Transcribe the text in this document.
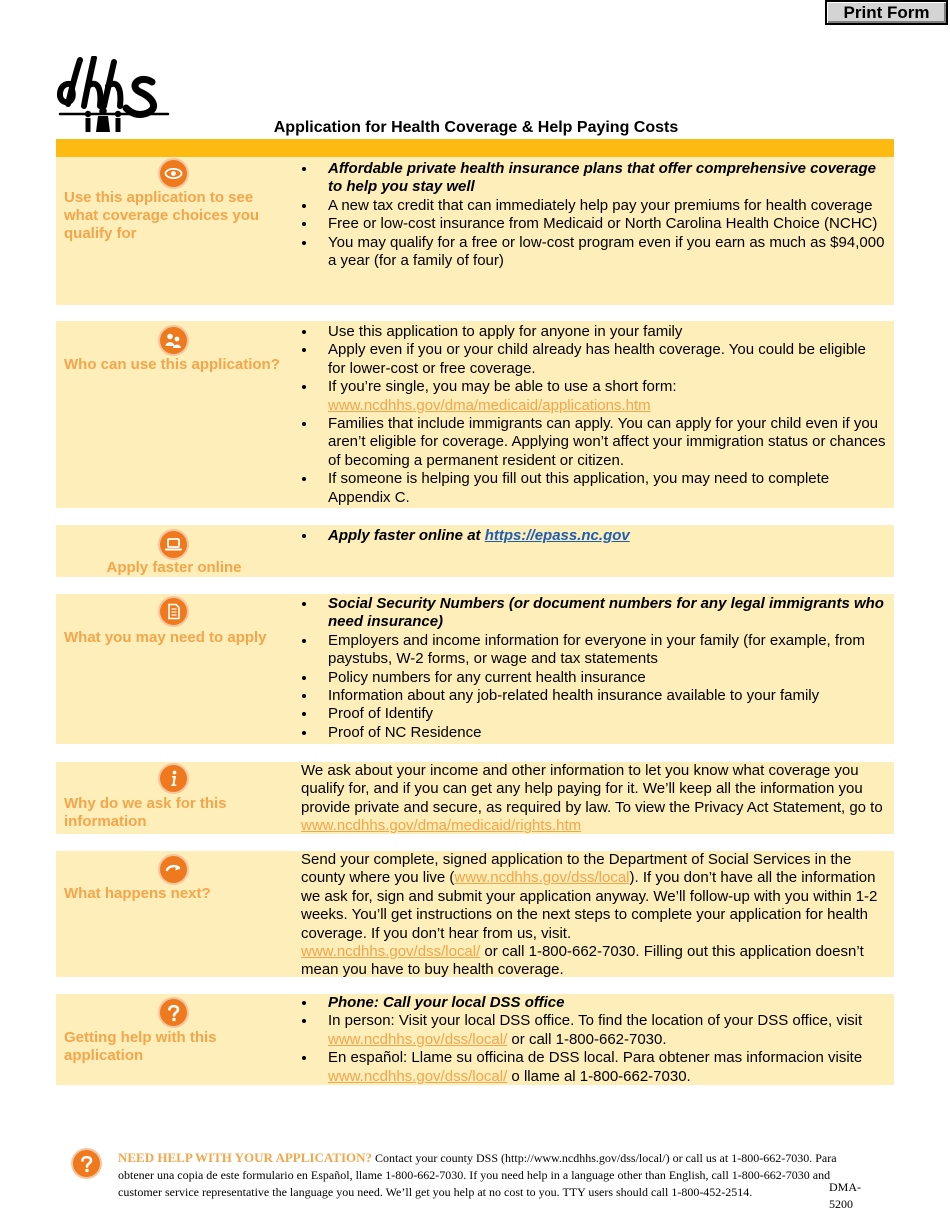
Print Form
Application for Health Coverage & Help Paying Costs
Use this application to see what coverage choices you qualify for
Affordable private health insurance plans that offer comprehensive coverage to help you stay well
A new tax credit that can immediately help pay your premiums for health coverage
Free or low-cost insurance from Medicaid or North Carolina Health Choice (NCHC)
You may qualify for a free or low-cost program even if you earn as much as $94,000 a year (for a family of four)
Who can use this application?
Use this application to apply for anyone in your family
Apply even if you or your child already has health coverage. You could be eligible for lower-cost or free coverage.
If you’re single, you may be able to use a short form:
www.ncdhhs.gov/dma/medicaid/applications.htm
Families that include immigrants can apply. You can apply for your child even if you aren’t eligible for coverage. Applying won’t affect your immigration status or chances of becoming a permanent resident or citizen.
If someone is helping you fill out this application, you may need to complete Appendix C.
Apply faster online
Apply faster online at https://epass.nc.gov
What you may need to apply
Social Security Numbers (or document numbers for any legal immigrants who need insurance)
Employers and income information for everyone in your family (for example, from paystubs, W-2 forms, or wage and tax statements
Policy numbers for any current health insurance
Information about any job-related health insurance available to your family
Proof of Identify
Proof of NC Residence
Why do we ask for this information

We ask about your income and other information to let you know what coverage you qualify for, and if you can get any help paying for it. We’ll keep all the information you provide private and secure, as required by law. To view the Privacy Act Statement, go to www.ncdhhs.gov/dma/medicaid/rights.htm

What happens next?

Send your complete, signed application to the Department of Social Services in the county where you live (www.ncdhhs.gov/dss/local). If you don’t have all the information we ask for, sign and submit your application anyway. We’ll follow-up with you within 1-2 weeks. You’ll get instructions on the next steps to complete your application for health coverage. If you don’t hear from us, visit.
www.ncdhhs.gov/dss/local/ or call 1-800-662-7030. Filling out this application doesn’t mean you have to buy health coverage.

Getting help with this application
Phone: Call your local DSS office
In person: Visit your local DSS office. To find the location of your DSS office, visit
www.ncdhhs.gov/dss/local/ or call 1-800-662-7030.
En español: Llame su officina de DSS local. Para obtener mas informacion visite
www.ncdhhs.gov/dss/local/ o llame al 1-800-662-7030.
NEED HELP WITH YOUR APPLICATION? Contact your county DSS (http://www.ncdhhs.gov/dss/local/) or call us at 1-800-662-7030. Para obtener una copia de este formulario en Español, llame 1-800-662-7030. If you need help in a language other than English, call 1-800-662-7030 and customer service representative the language you need. We’ll get you help at no cost to you. TTY users should call 1-800-452-2514.	DMA-5200
